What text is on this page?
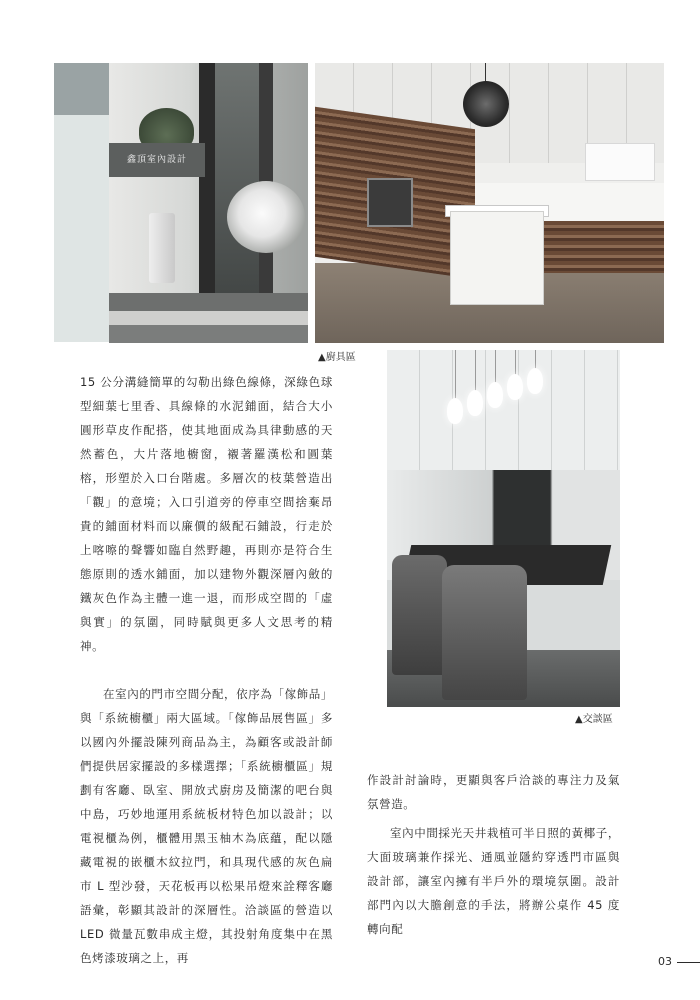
鑫頂室內設計
▲廚具區
▲交談區

15 公分溝縫簡單的勾勒出綠色線條，深綠色球型細葉七里香、具線條的水泥鋪面，結合大小圓形草皮作配搭，使其地面成為具律動感的天然蓄色，大片落地櫥窗，襯著羅漢松和圓葉榕，形塑於入口台階處。多層次的枝葉營造出「觀」的意境；入口引道旁的停車空間捨棄昂貴的鋪面材料而以廉價的級配石鋪設，行走於上喀嚓的聲響如臨自然野趣，再則亦是符合生態原則的透水鋪面，加以建物外觀深層內斂的鐵灰色作為主體一進一退，而形成空間的「虛與實」的氛圍，同時賦與更多人文思考的精神。

在室內的門市空間分配，依序為「傢飾品」與「系統櫥櫃」兩大區域。「傢飾品展售區」多以國內外擺設陳列商品為主，為顧客或設計師們提供居家擺設的多樣選擇；「系統櫥櫃區」規劃有客廳、臥室、開放式廚房及簡潔的吧台與中島，巧妙地運用系統板材特色加以設計；以電視櫃為例，櫃體用黑玉柚木為底蘊，配以隱藏電視的嵌櫃木紋拉門，和具現代感的灰色扁市 L 型沙發，天花板再以松果吊燈來詮釋客廳語彙，彰顯其設計的深層性。洽談區的營造以 LED 微量瓦數串成主燈，其投射角度集中在黑色烤漆玻璃之上，再

作設計討論時，更顯與客戶洽談的專注力及氣氛營造。

室內中間採光天井栽植可半日照的黃椰子，大面玻璃兼作採光、通風並隱約穿透門市區與設計部，讓室內擁有半戶外的環境氛圍。設計部門內以大膽創意的手法，將辦公桌作 45 度轉向配

03
